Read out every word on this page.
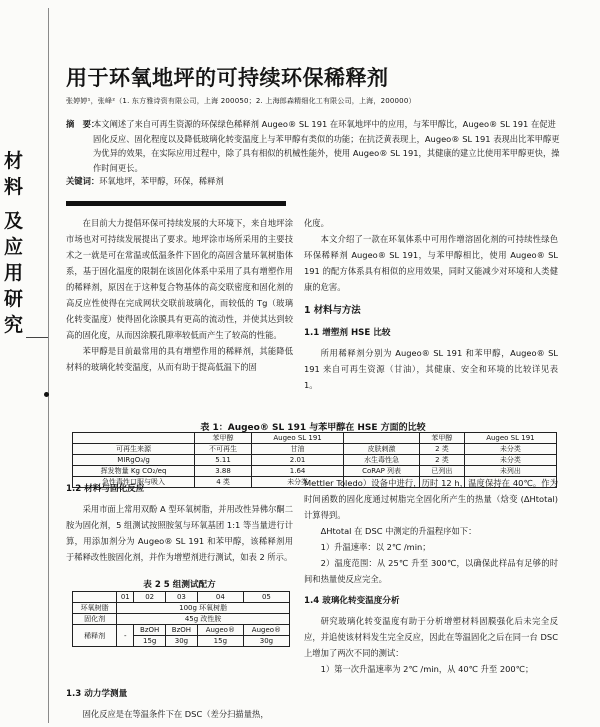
材
料
及
应
用
研
究
用于环氧地坪的可持续环保稀释剂
张婷婷¹，张峰²（1. 东方雅诗资有限公司，上海 200050；2. 上海郎森精细化工有限公司，上海，200000）
摘　要：
本文阐述了来自可再生资源的环保绿色稀释剂 Augeo® SL 191 在环氧地坪中的应用，与苯甲醇比，Augeo® SL 191 在促进固化反应、固化程度以及降低玻璃化转变温度上与苯甲醇有类似的功能；在抗泛黄表现上，Augeo® SL 191 表现出比苯甲醇更为优异的效果，在实际应用过程中，除了具有相似的机械性能外，使用 Augeo® SL 191，其健康的建立比使用苯甲醇更快，操作时间更长。
关键词：环氧地坪，苯甲醇，环保，稀释剂

在目前大力提倡环保可持续发展的大环境下，来自地坪涂市场也对可持续发展提出了要求。地坪涂市场所采用的主要技术之一就是可在常温或低温条件下固化的高固含量环氧树脂体系，基于固化温度的限制在该固化体系中采用了具有增塑作用的稀释剂，原因在于这种复合物基体的高交联密度和固化剂的高反应性使得在完成网状交联前玻璃化，而较低的 Tg（玻璃化转变温度）使得固化涂膜具有更高的流动性，并使其达到较高的固化度，从而因涂膜孔隙率较低而产生了较高的性能。

苯甲醇是目前最常用的具有增塑作用的稀释剂，其能降低材料的玻璃化转变温度，从而有助于提高低温下的固

化度。

本文介绍了一款在环氧体系中可用作增溶固化剂的可持续性绿色环保稀释剂 Augeo® SL 191，与苯甲醇相比，使用 Augeo® SL 191 的配方体系具有相似的应用效果，同时又能减少对环境和人类健康的危害。

1 材料与方法
1.1 增塑剂 HSE 比较

所用稀释剂分别为 Augeo® SL 191 和苯甲醇，Augeo® SL 191 来自可再生资源（甘油），其健康、安全和环境的比较详见表 1。

表 1：Augeo® SL 191 与苯甲醇在 HSE 方面的比较
	苯甲醇	Augeo SL 191		苯甲醇	Augeo SL 191
可再生来源	不可再生	甘油	皮肤刺激	2 类	未分类
MIRgO₃/g	5.11	2.01	水生毒性急	2 类	未分类
挥发物量 Kg CO₂/eq	3.88	1.64	CoRAP 列表	已列出	未列出
急性毒性口服与吸入	4 类	未分类			
1.2 材料与固化反应

采用市面上常用双酚 A 型环氧树脂，并用改性异佛尔酮二胺为固化剂，5 组测试按照胺氢与环氧基团 1:1 等当量进行计算，用添加剂分为 Augeo® SL 191 和苯甲醇，该稀释剂用于稀释改性胺固化剂，并作为增塑剂进行测试，如表 2 所示。

表 2 5 组测试配方
	01	02	03	04	05
环氧树脂	100g 环氧树脂				
固化剂	45g 改性胺				
稀释剂	-	BzOH	BzOH	Augeo®	Augeo®
		15g	30g	15g	30g
1.3 动力学测量

固化反应是在等温条件下在 DSC（差分扫描量热，

Mettler Toledo）设备中进行，历时 12 h，温度保持在 40℃。作为时间函数的固化度通过树脂完全固化所产生的热量（焓变 (ΔHtotal) 计算得到。

ΔHtotal 在 DSC 中测定的升温程序如下：

1）升温速率：以 2℃ /min；

2）温度范围：从 25℃ 升至 300℃，以确保此样品有足够的时间和热量使反应完全。

1.4 玻璃化转变温度分析

研究玻璃化转变温度有助于分析增塑材料固膜强化后未完全反应，并追使该材料发生完全反应，因此在等温固化之后在同一台 DSC 上增加了两次不同的测试：

1）第一次升温速率为 2℃ /min，从 40℃ 升至 200℃；
